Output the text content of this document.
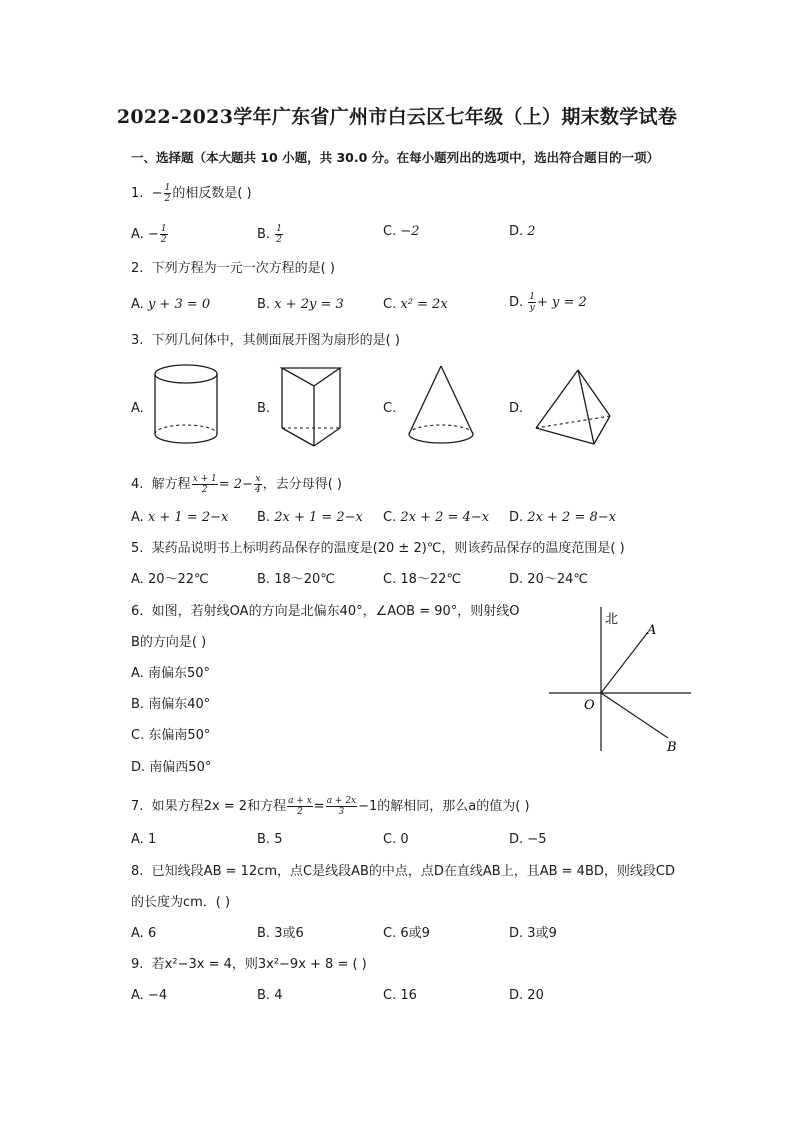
2022-2023学年广东省广州市白云区七年级（上）期末数学试卷
一、选择题（本大题共 10 小题，共 30.0 分。在每小题列出的选项中，选出符合题目的一项）
1. − $\frac{1}{2}$ 的相反数是( )
A. − $\frac{1}{2}$	B. $\frac{1}{2}$	C. −2	D. 2
2. 下列方程为一元一次方程的是( )
A. y + 3 = 0	B. x + 2y = 3	C. x² = 2x	D. $\frac{1}{y} + y = 2$
3. 下列几何体中，其侧面展开图为扇形的是( )
A.	B.	C.	D.
4. 解方程 $\frac{x + 1}{2} = 2- \frac{x}{4}$ ，去分母得( )
A. x + 1 = 2−x B. 2x + 1 = 2−x C. 2x + 2 = 4−x D. 2x + 2 = 8−x
5. 某药品说明书上标明药品保存的温度是(20 ± 2)℃，则该药品保存的温度范围是( )
A. 20～22℃	B. 18～20℃	C. 18～22℃	D. 20～24℃
6. 如图，若射线OA的方向是北偏东40°，∠AOB = 90°，则射线O
B的方向是( )
A. 南偏东50°
B. 南偏东40°
C. 东偏南50°
D. 南偏西50°
北
A
O
B
7. 如果方程2x = 2和方程 $\frac{a + x}{2} = \frac{a + 2x}{3} -1$的解相同，那么a的值为( )
A. 1	B. 5	C. 0	D. −5
8. 已知线段AB = 12cm，点C是线段AB的中点，点D在直线AB上，且AB = 4BD，则线段CD
的长度为cm．( )
A. 6	B. 3或6	C. 6或9	D. 3或9
9. 若x²−3x = 4，则3x²−9x + 8 = ( )
A. −4	B. 4	C. 16	D. 20
